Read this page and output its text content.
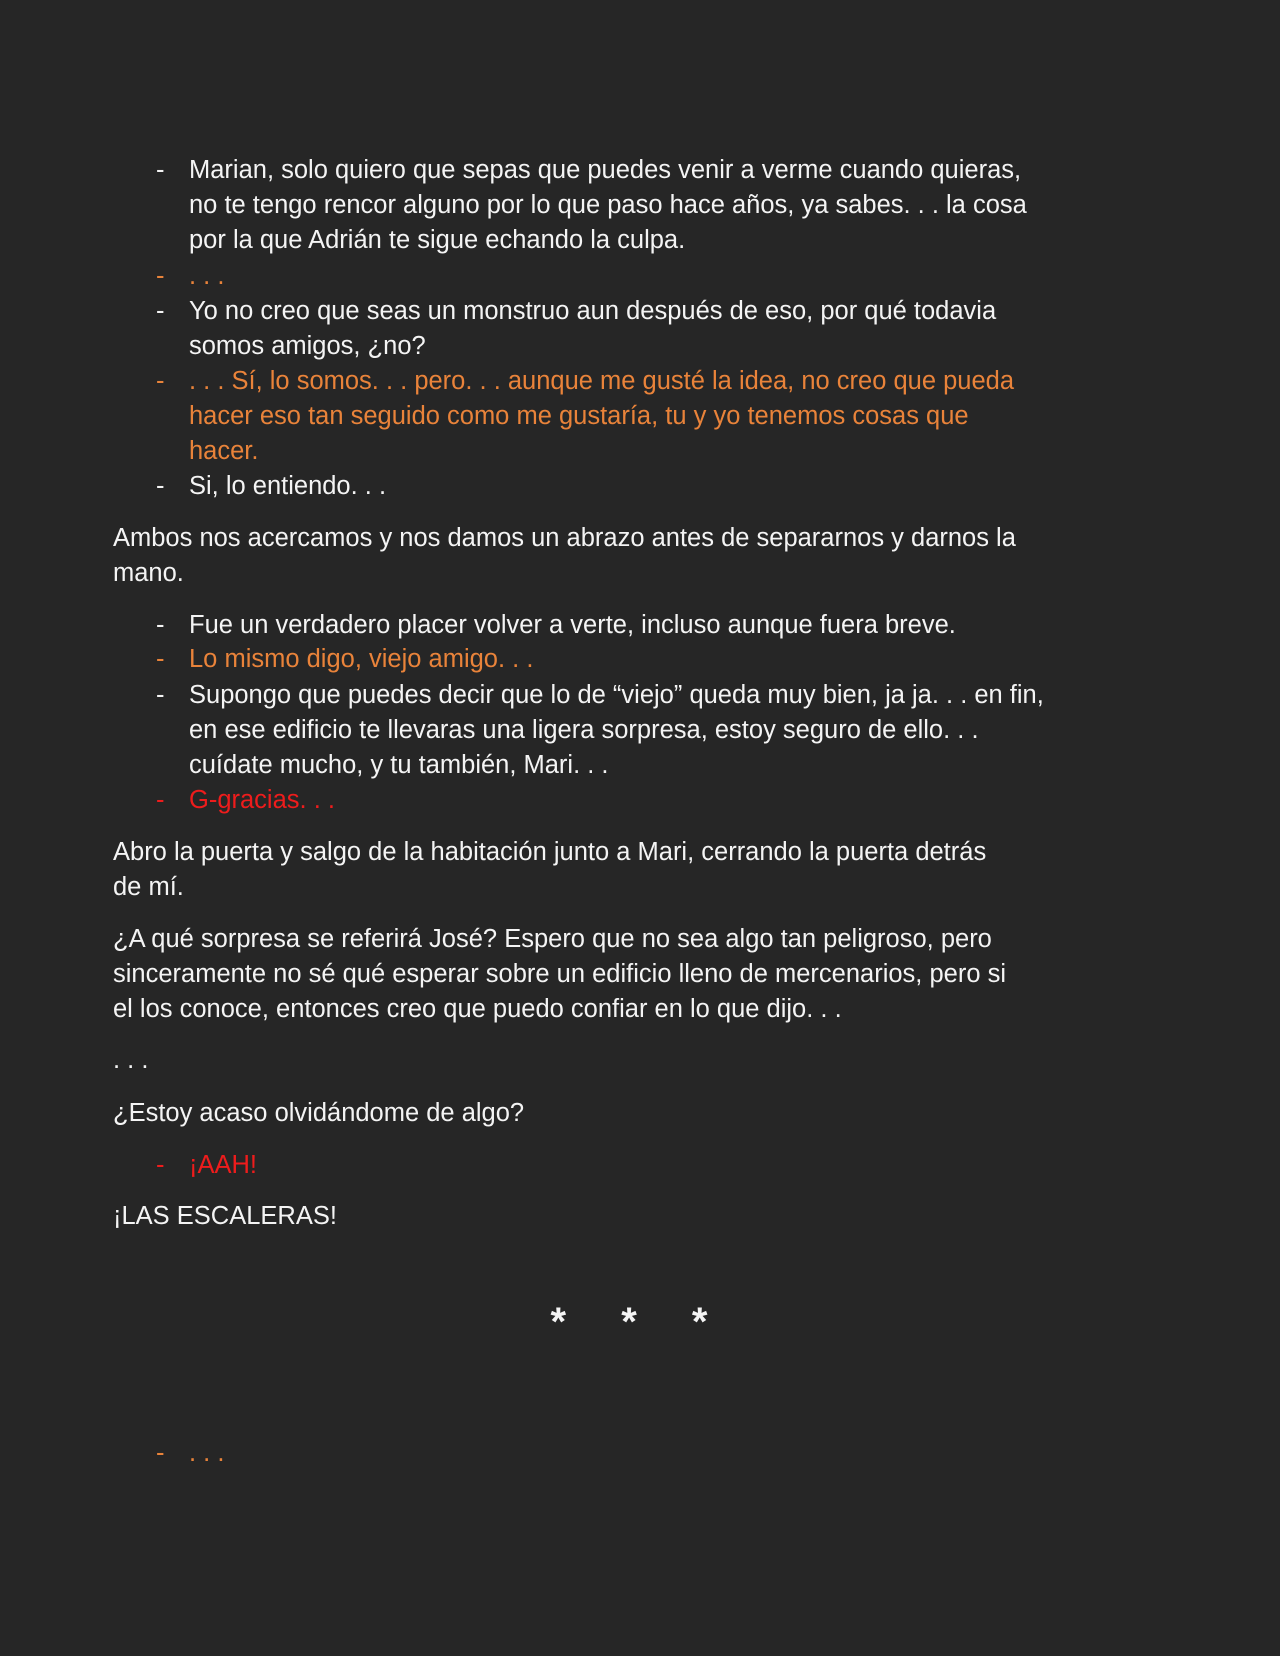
- Marian, solo quiero que sepas que puedes venir a verme cuando quieras,
no te tengo rencor alguno por lo que paso hace años, ya sabes. . . la cosa
por la que Adrián te sigue echando la culpa.
- . . .
- Yo no creo que seas un monstruo aun después de eso, por qué todavia
somos amigos, ¿no?
- . . . Sí, lo somos. . . pero. . . aunque me gusté la idea, no creo que pueda
hacer eso tan seguido como me gustaría, tu y yo tenemos cosas que
hacer.
- Si, lo entiendo. . .
Ambos nos acercamos y nos damos un abrazo antes de separarnos y darnos la
mano.
- Fue un verdadero placer volver a verte, incluso aunque fuera breve.
- Lo mismo digo, viejo amigo. . .
- Supongo que puedes decir que lo de “viejo” queda muy bien, ja ja. . . en fin,
en ese edificio te llevaras una ligera sorpresa, estoy seguro de ello. . .
cuídate mucho, y tu también, Mari. . .
- G-gracias. . .
Abro la puerta y salgo de la habitación junto a Mari, cerrando la puerta detrás
de mí.
¿A qué sorpresa se referirá José? Espero que no sea algo tan peligroso, pero
sinceramente no sé qué esperar sobre un edificio lleno de mercenarios, pero si
el los conoce, entonces creo que puedo confiar en lo que dijo. . .
. . .
¿Estoy acaso olvidándome de algo?
- ¡AAH!
¡LAS ESCALERAS!
* * *
- . . .
